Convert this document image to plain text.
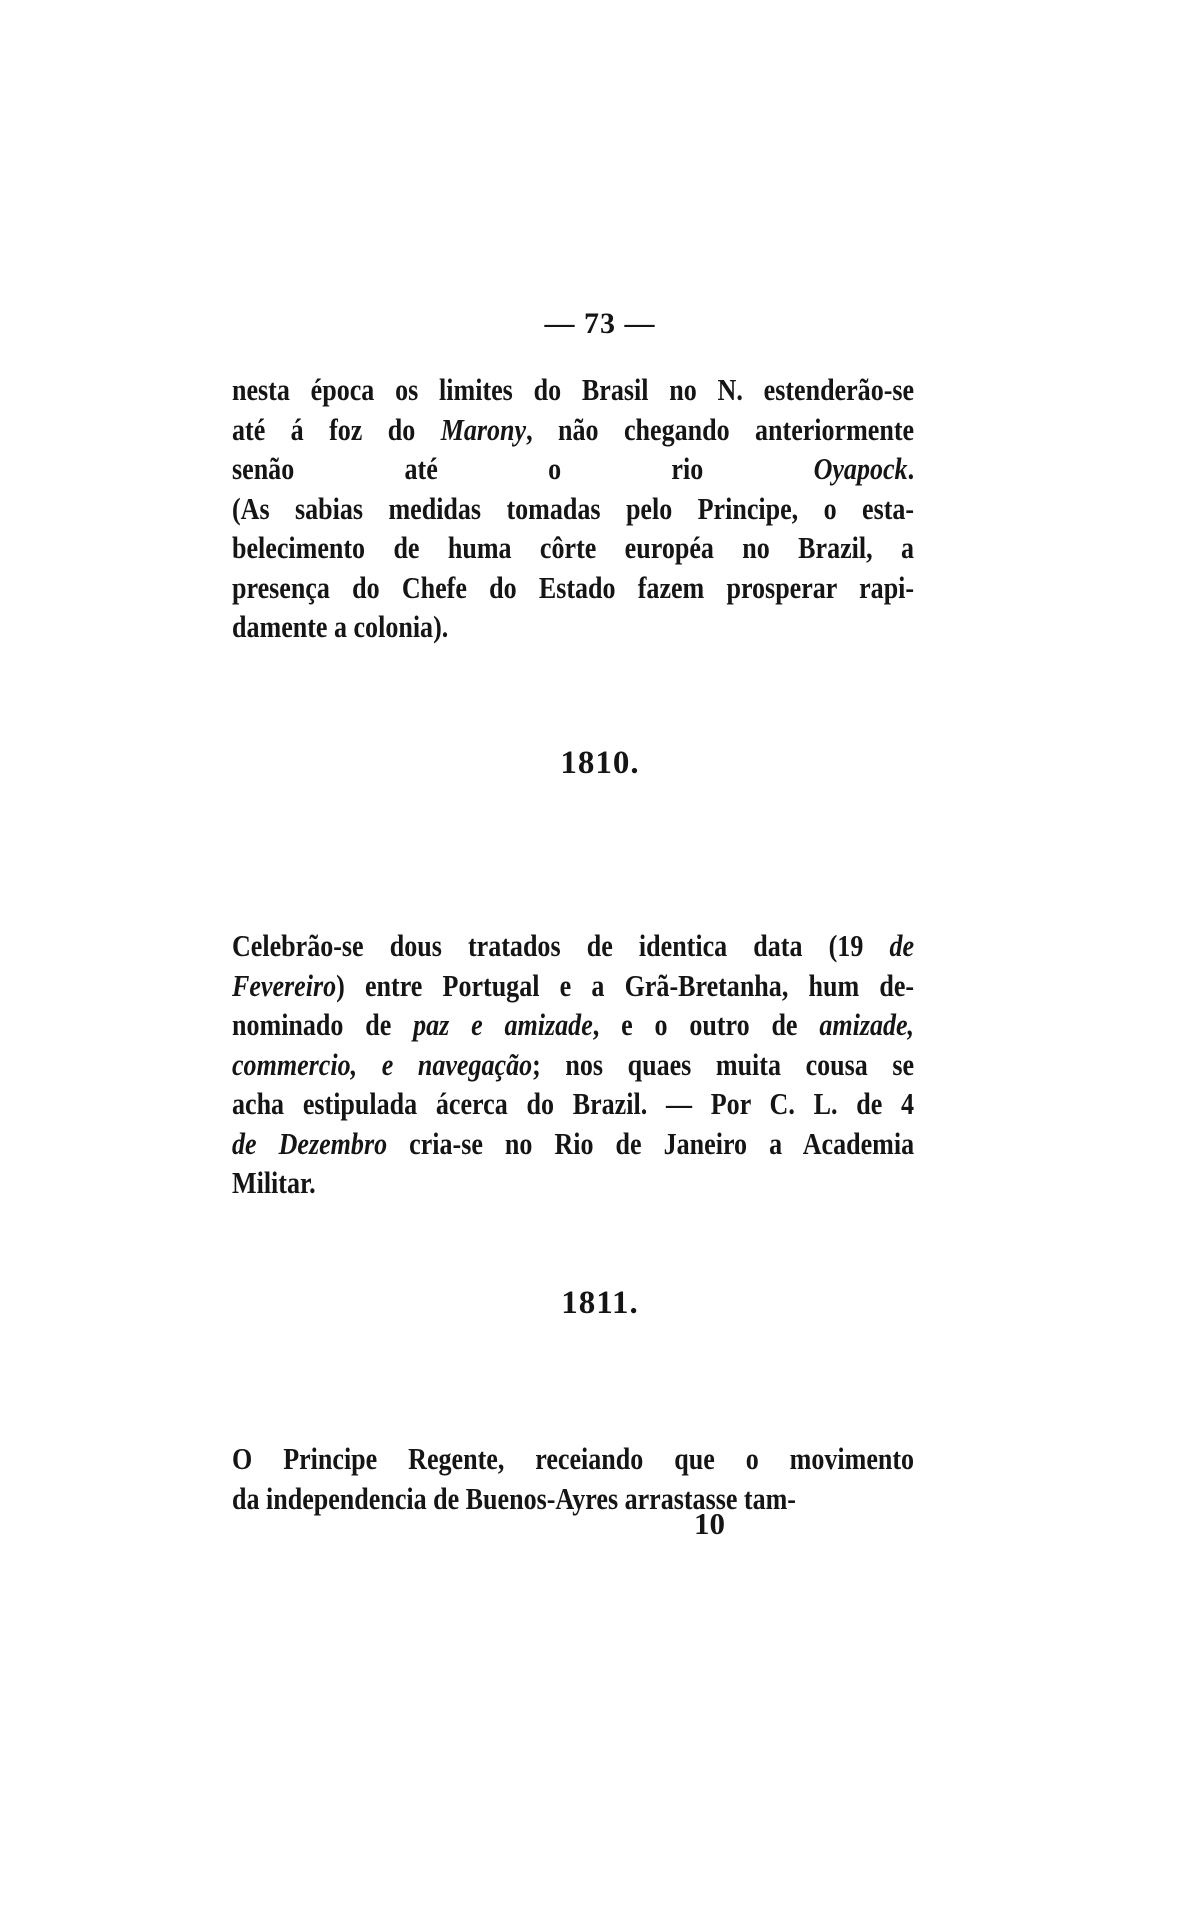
— 73 —
nesta época os limites do Brasil no N. estenderão-se
até á foz do Marony, não chegando anteriormente
senão até o rio Oyapock.
(As sabias medidas tomadas pelo Principe, o esta-
belecimento de huma côrte européa no Brazil, a
presença do Chefe do Estado fazem prosperar rapi-
damente a colonia).
1810.
Celebrão-se dous tratados de identica data (19 de
Fevereiro) entre Portugal e a Grã-Bretanha, hum de-
nominado de paz e amizade, e o outro de amizade,
commercio, e navegação; nos quaes muita cousa se
acha estipulada ácerca do Brazil. — Por C. L. de 4
de Dezembro cria-se no Rio de Janeiro a Academia
Militar.
1811.
O Principe Regente, receiando que o movimento
da independencia de Buenos-Ayres arrastasse tam-
10
